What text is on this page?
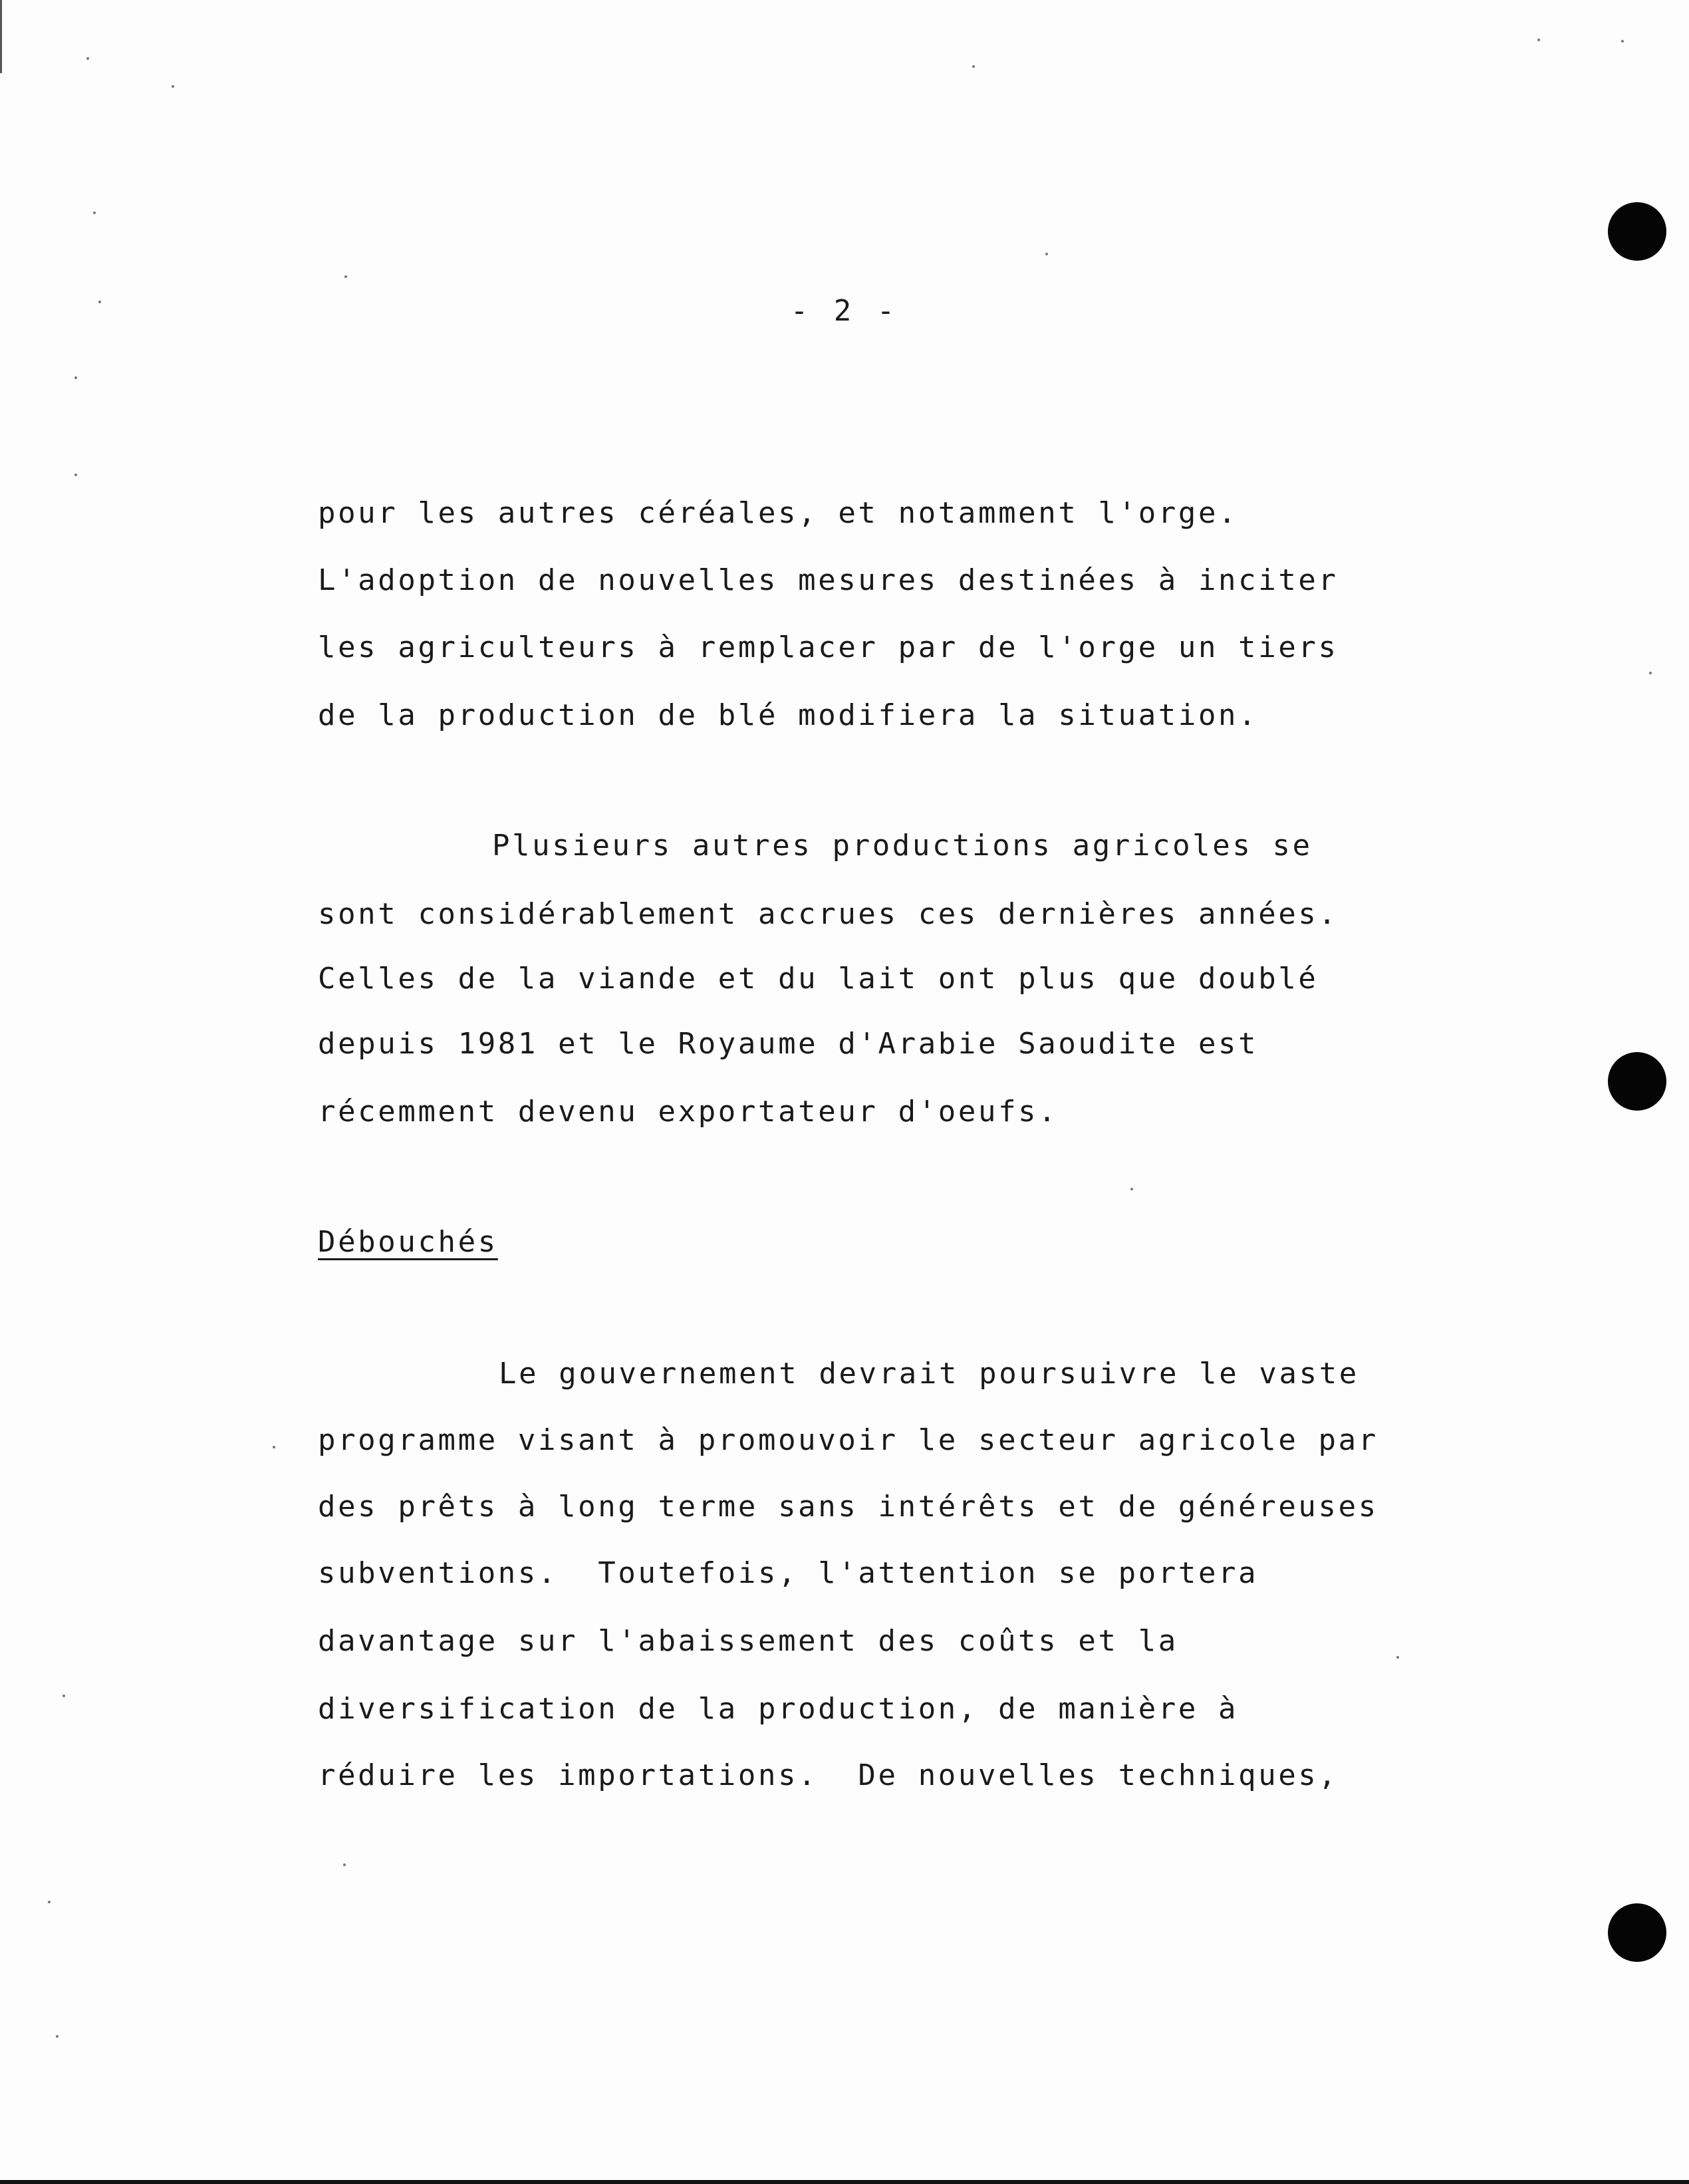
- 2 -
pour les autres céréales, et notamment l'orge.
L'adoption de nouvelles mesures destinées à inciter
les agriculteurs à remplacer par de l'orge un tiers
de la production de blé modifiera la situation.
Plusieurs autres productions agricoles se
sont considérablement accrues ces dernières années.
Celles de la viande et du lait ont plus que doublé
depuis 1981 et le Royaume d'Arabie Saoudite est
récemment devenu exportateur d'oeufs.
Débouchés
Le gouvernement devrait poursuivre le vaste
programme visant à promouvoir le secteur agricole par
des prêts à long terme sans intérêts et de généreuses
subventions.  Toutefois, l'attention se portera
davantage sur l'abaissement des coûts et la
diversification de la production, de manière à
réduire les importations.  De nouvelles techniques,
